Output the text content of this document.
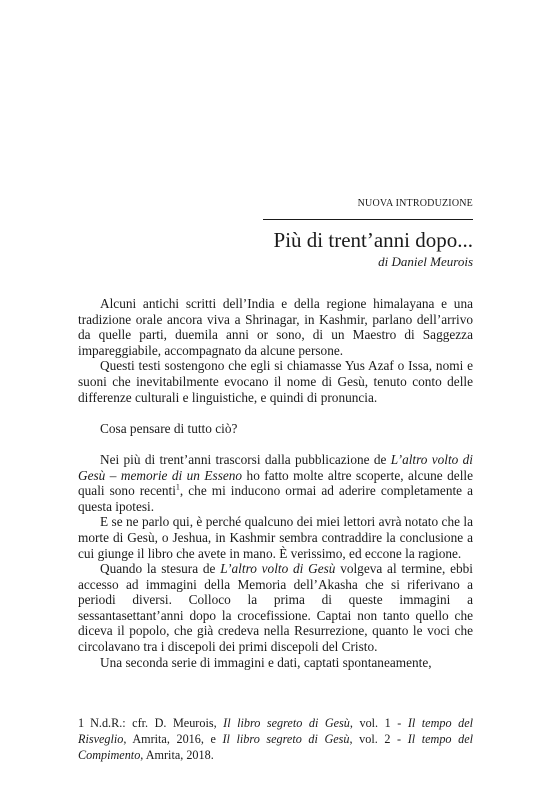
NUOVA INTRODUZIONE
Più di trent’anni dopo...
di Daniel Meurois

Alcuni antichi scritti dell’India e della regione himalayana e una tradizione orale ancora viva a Shrinagar, in Kashmir, parlano dell’arrivo da quelle parti, duemila anni or sono, di un Maestro di Saggezza impareggiabile, accompagnato da alcune persone.

Questi testi sostengono che egli si chiamasse Yus Azaf o Issa, nomi e suoni che inevitabilmente evocano il nome di Gesù, tenuto conto delle differenze culturali e linguistiche, e quindi di pronuncia.

Cosa pensare di tutto ciò?

Nei più di trent’anni trascorsi dalla pubblicazione de L’altro volto di Gesù – memorie di un Esseno ho fatto molte altre scoperte, alcune delle quali sono recenti$^1$, che mi inducono ormai ad aderire completamente a questa ipotesi.

E se ne parlo qui, è perché qualcuno dei miei lettori avrà notato che la morte di Gesù, o Jeshua, in Kashmir sembra contraddire la conclusione a cui giunge il libro che avete in mano. È verissimo, ed eccone la ragione.

Quando la stesura de L’altro volto di Gesù volgeva al termine, ebbi accesso ad immagini della Memoria dell’Akasha che si riferivano a periodi diversi. Colloco la prima di queste immagini a sessantasettant’anni dopo la crocefissione. Captai non tanto quello che diceva il popolo, che già credeva nella Resurrezione, quanto le voci che circolavano tra i discepoli dei primi discepoli del Cristo.

Una seconda serie di immagini e dati, captati spontaneamente,

1 N.d.R.: cfr. D. Meurois, Il libro segreto di Gesù, vol. 1 - Il tempo del Risveglio, Amrita, 2016, e Il libro segreto di Gesù, vol. 2 - Il tempo del Compimento, Amrita, 2018.
